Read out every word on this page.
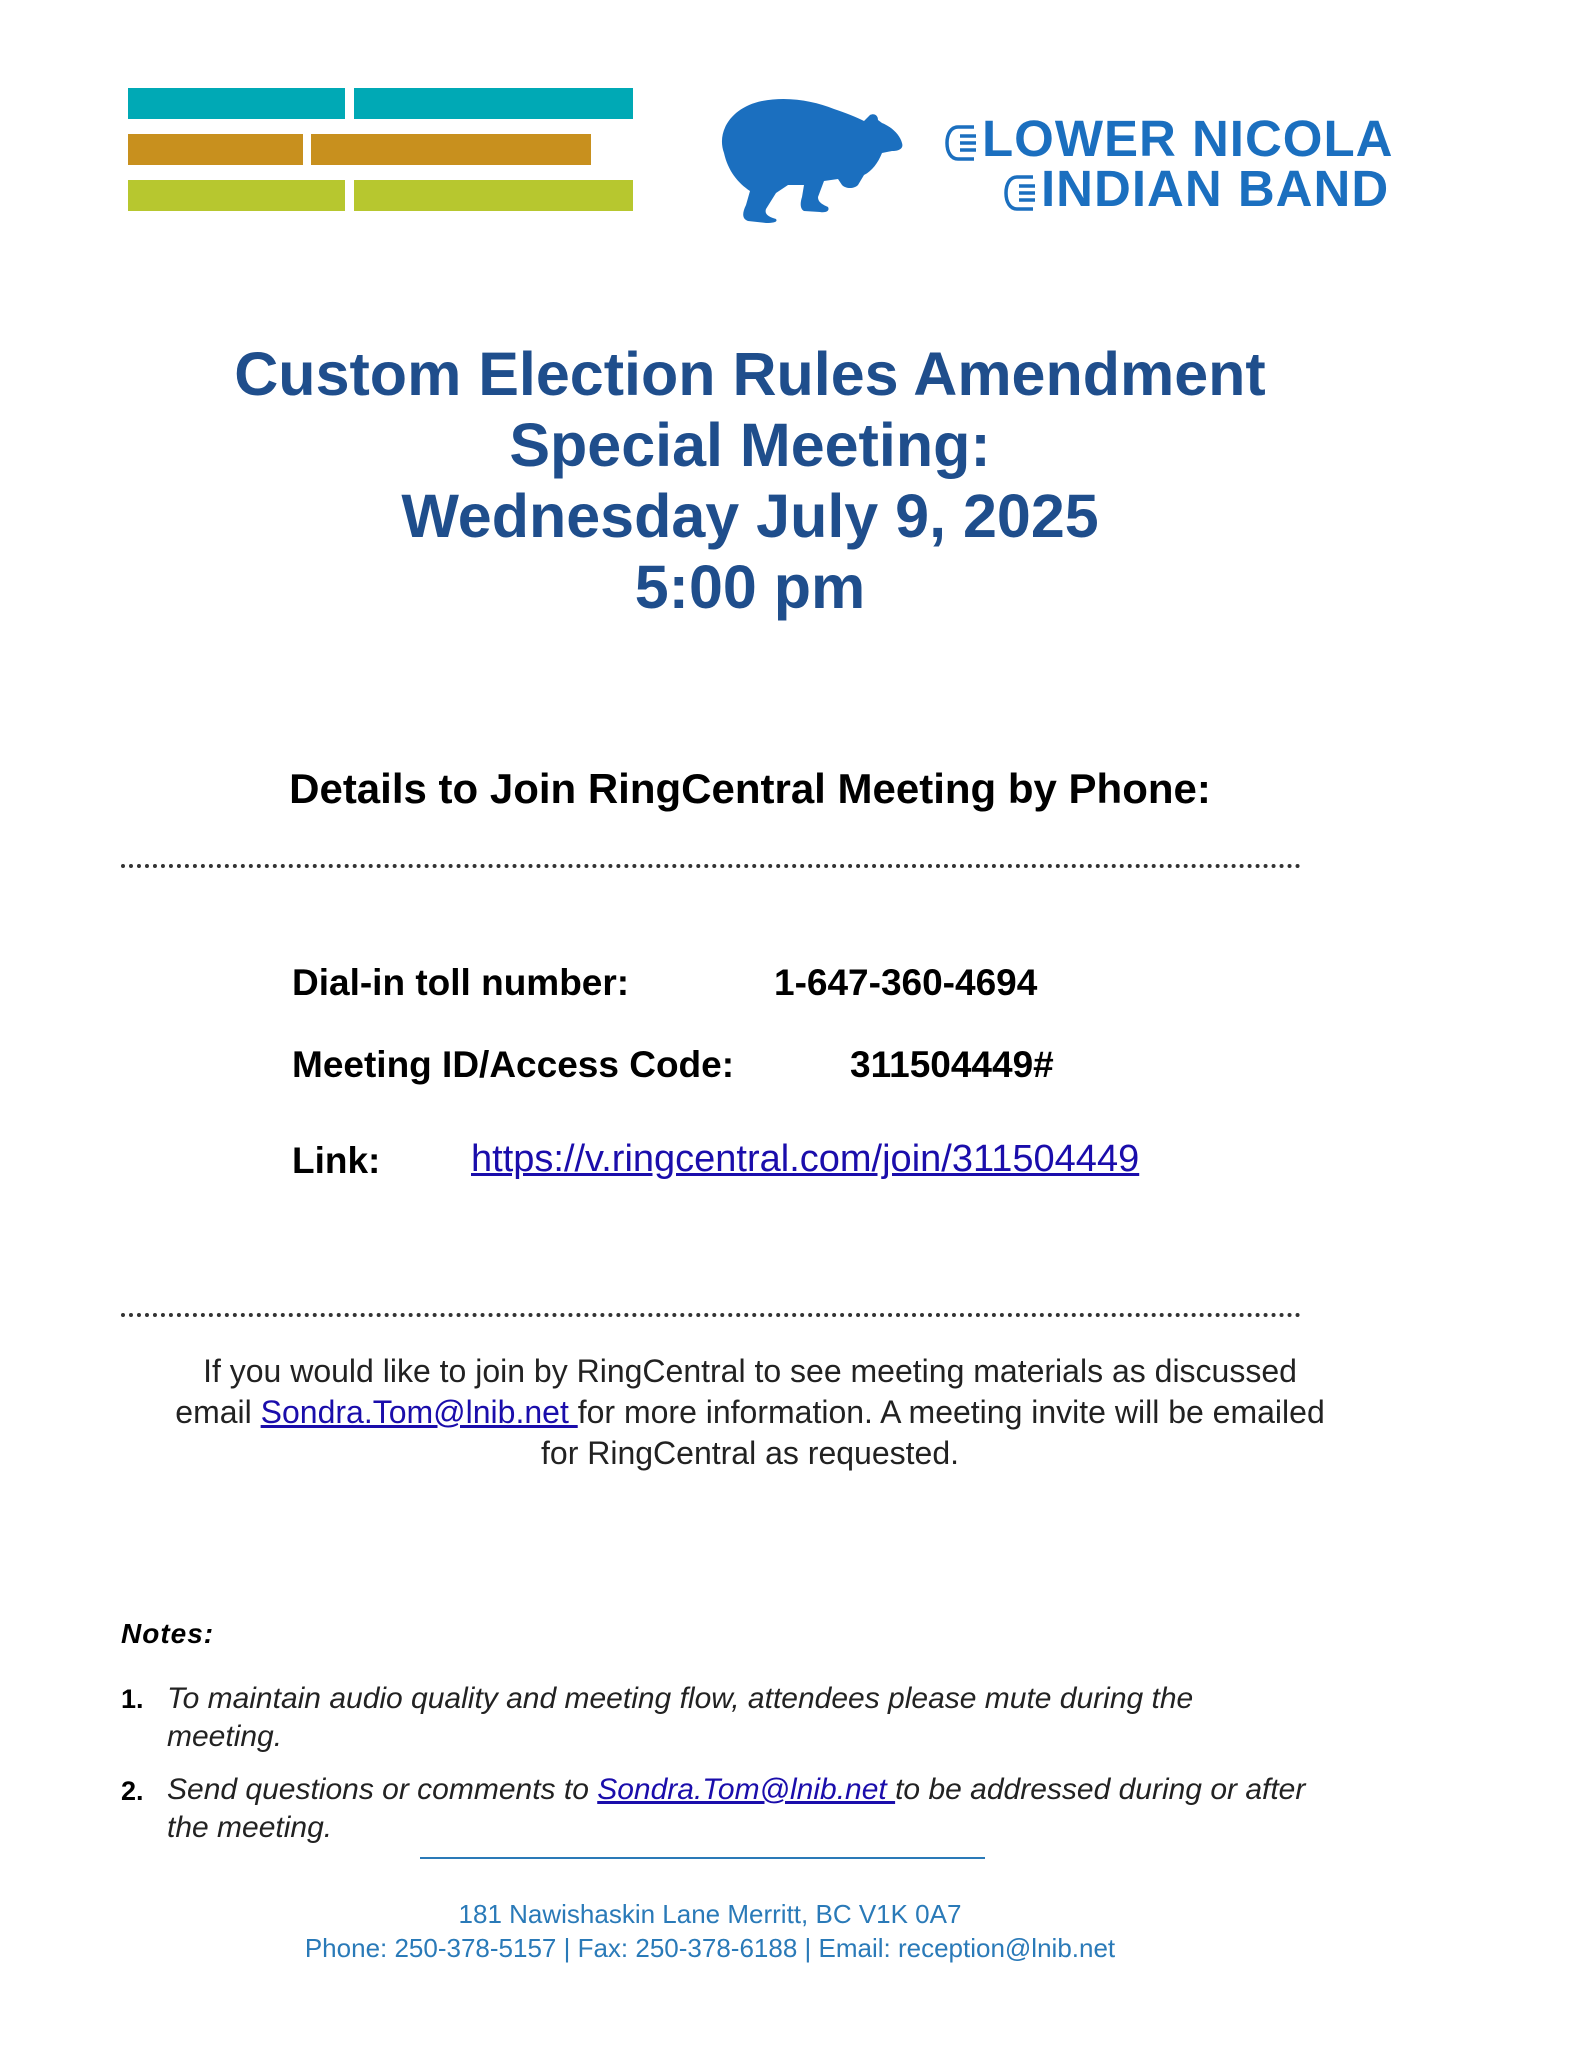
LOWER NICOLA
INDIAN BAND
Custom Election Rules Amendment
Special Meeting:
Wednesday July 9, 2025
5:00 pm
Details to Join RingCentral Meeting by Phone:
Dial-in toll number:	1-647-360-4694
Meeting ID/Access Code:	311504449#
Link: https://v.ringcentral.com/join/311504449
If you would like to join by RingCentral to see meeting materials as discussed
email Sondra.Tom@lnib.net for more information. A meeting invite will be emailed
for RingCentral as requested.
Notes:
1. To maintain audio quality and meeting flow, attendees please mute during the meeting.
2. Send questions or comments to Sondra.Tom@lnib.net to be addressed during or after the meeting.
181 Nawishaskin Lane Merritt, BC V1K 0A7
Phone: 250-378-5157 | Fax: 250-378-6188 | Email: reception@lnib.net
